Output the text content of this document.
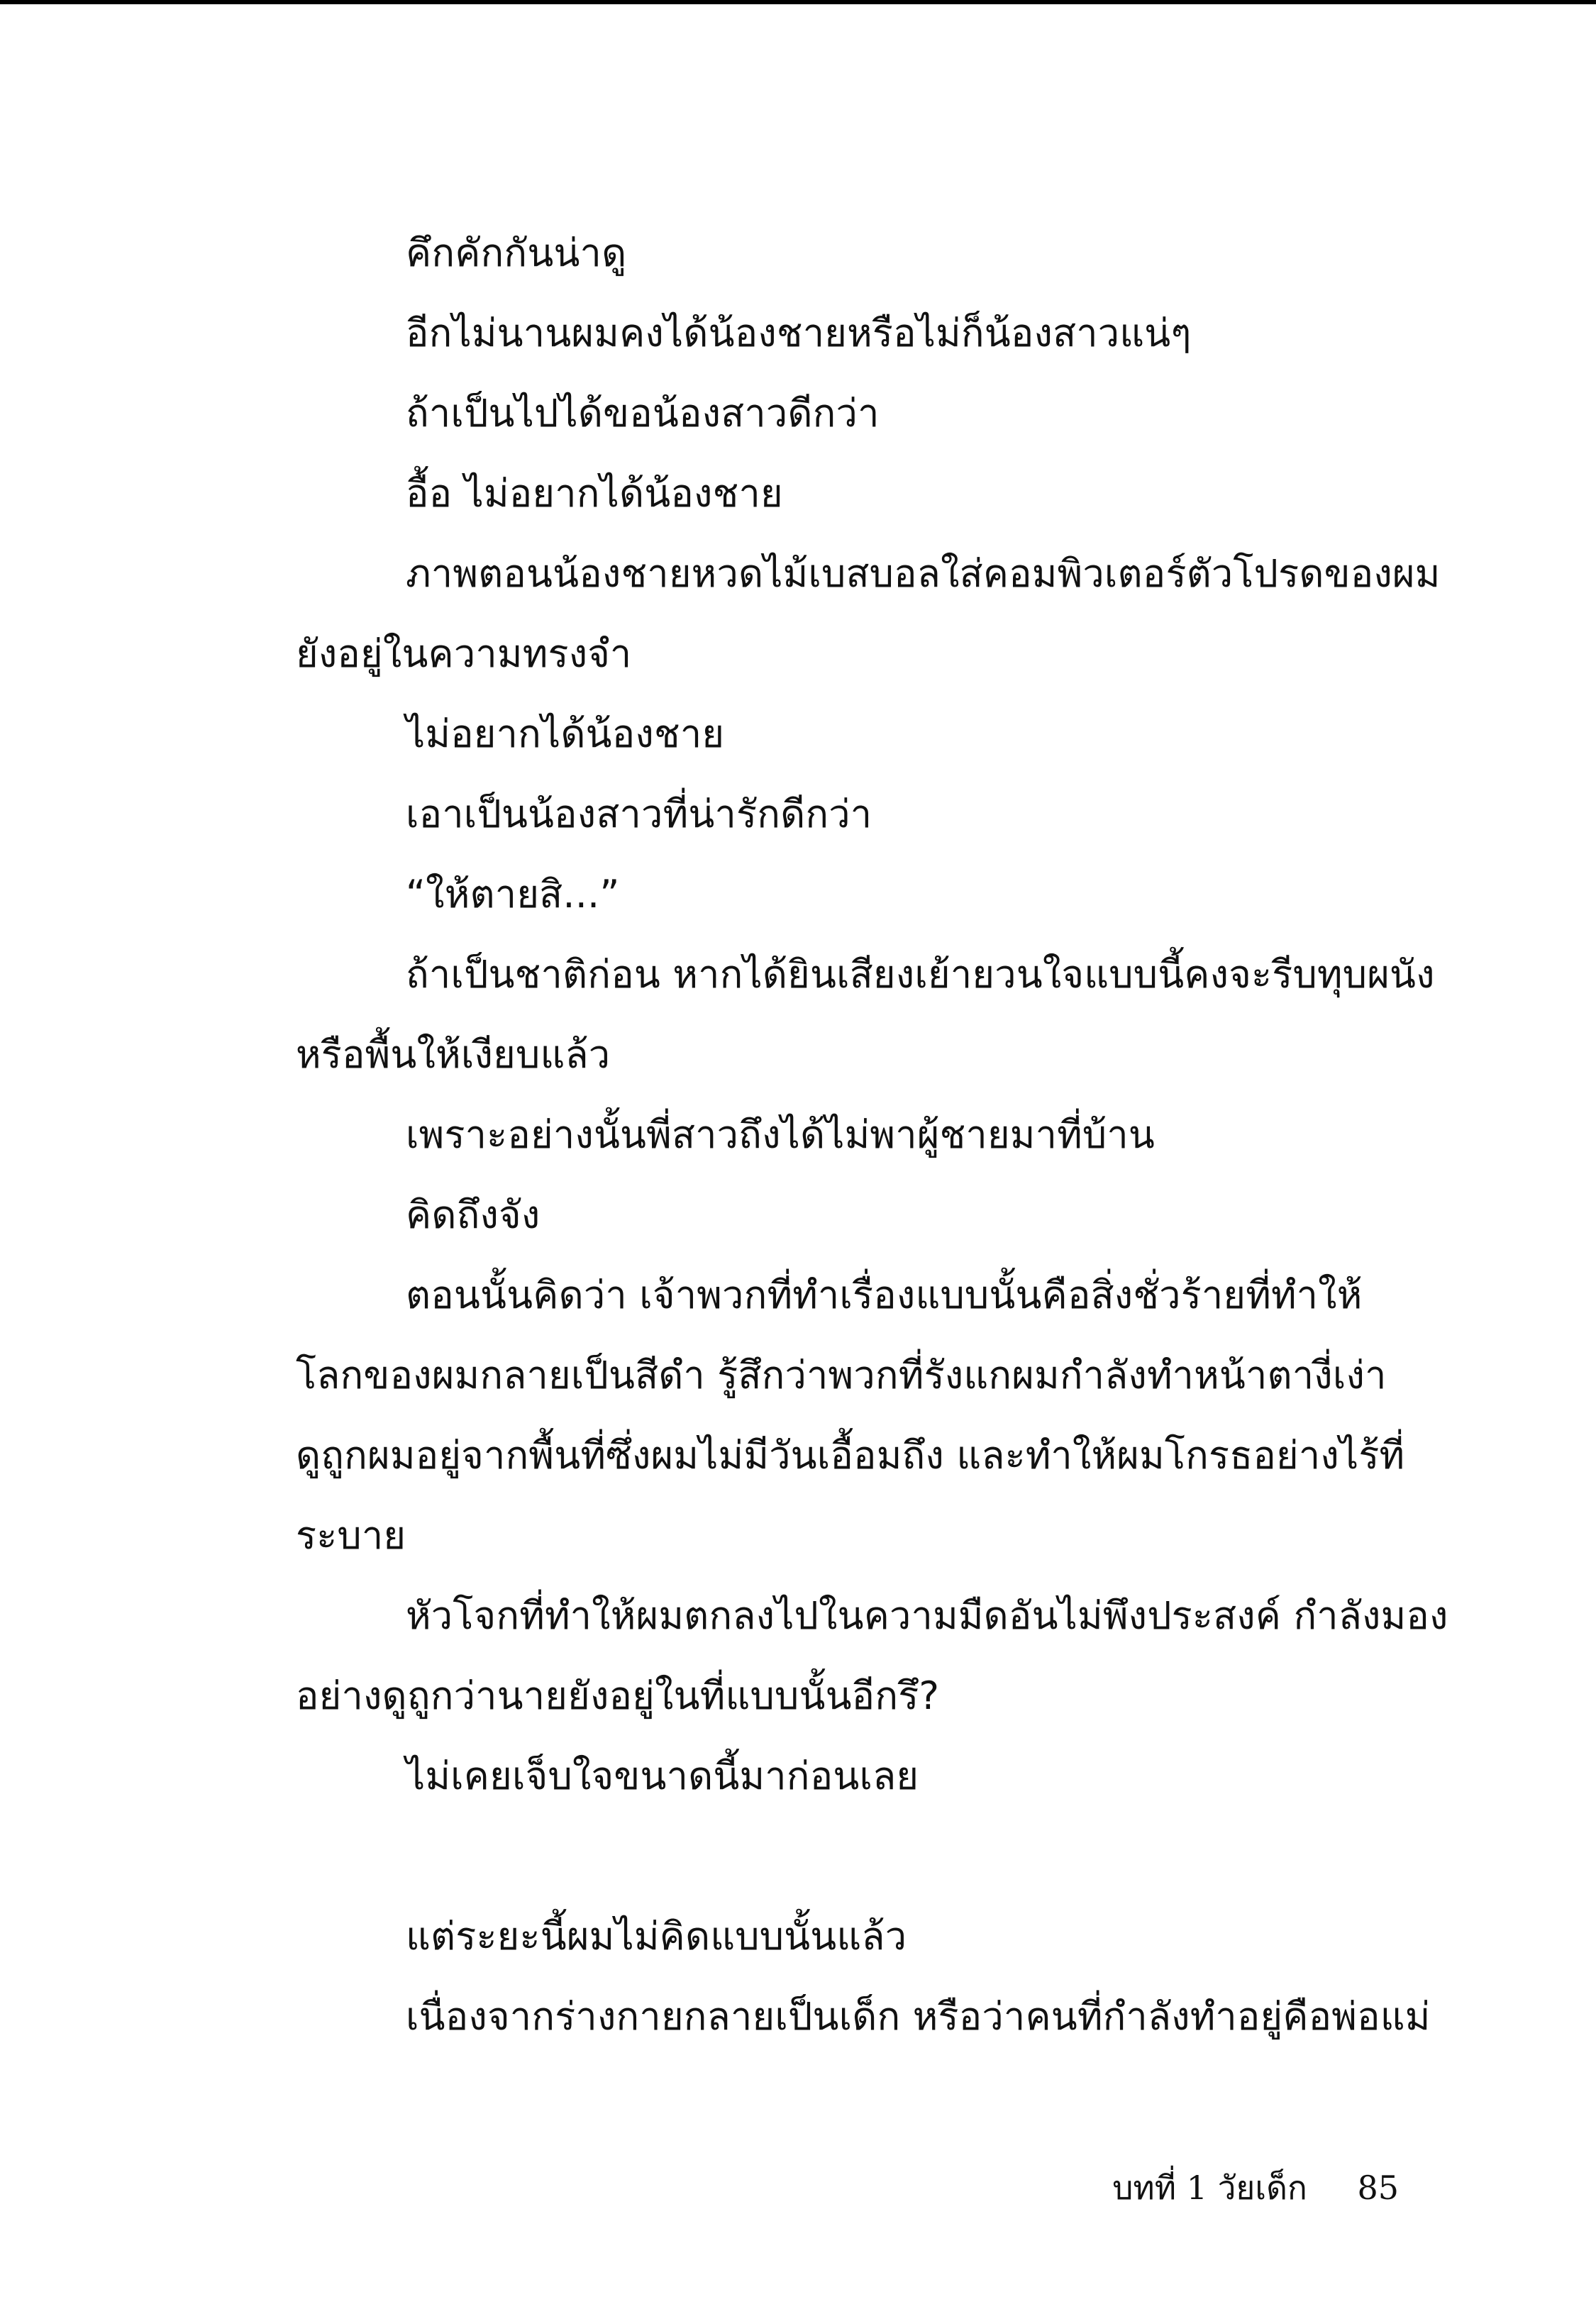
คึกคักกันน่าดู
อีกไม่นานผมคงได้น้องชายหรือไม่ก็น้องสาวแน่ๆ
ถ้าเป็นไปได้ขอน้องสาวดีกว่า
อื้อ ไม่อยากได้น้องชาย
ภาพตอนน้องชายหวดไม้เบสบอลใส่คอมพิวเตอร์ตัวโปรดของผม
ยังอยู่ในความทรงจำ
ไม่อยากได้น้องชาย
เอาเป็นน้องสาวที่น่ารักดีกว่า
“ให้ตายสิ...”
ถ้าเป็นชาติก่อน หากได้ยินเสียงเย้ายวนใจแบบนี้คงจะรีบทุบผนัง
หรือพื้นให้เงียบแล้ว
เพราะอย่างนั้นพี่สาวถึงได้ไม่พาผู้ชายมาที่บ้าน
คิดถึงจัง
ตอนนั้นคิดว่า เจ้าพวกที่ทำเรื่องแบบนั้นคือสิ่งชั่วร้ายที่ทำให้
โลกของผมกลายเป็นสีดำ รู้สึกว่าพวกที่รังแกผมกำลังทำหน้าตางี่เง่า
ดูถูกผมอยู่จากพื้นที่ซึ่งผมไม่มีวันเอื้อมถึง และทำให้ผมโกรธอย่างไร้ที่
ระบาย
หัวโจกที่ทำให้ผมตกลงไปในความมืดอันไม่พึงประสงค์ กำลังมอง
อย่างดูถูกว่านายยังอยู่ในที่แบบนั้นอีกรึ?
ไม่เคยเจ็บใจขนาดนี้มาก่อนเลย
แต่ระยะนี้ผมไม่คิดแบบนั้นแล้ว
เนื่องจากร่างกายกลายเป็นเด็ก หรือว่าคนที่กำลังทำอยู่คือพ่อแม่
บทที่ 1 วัยเด็ก 85
